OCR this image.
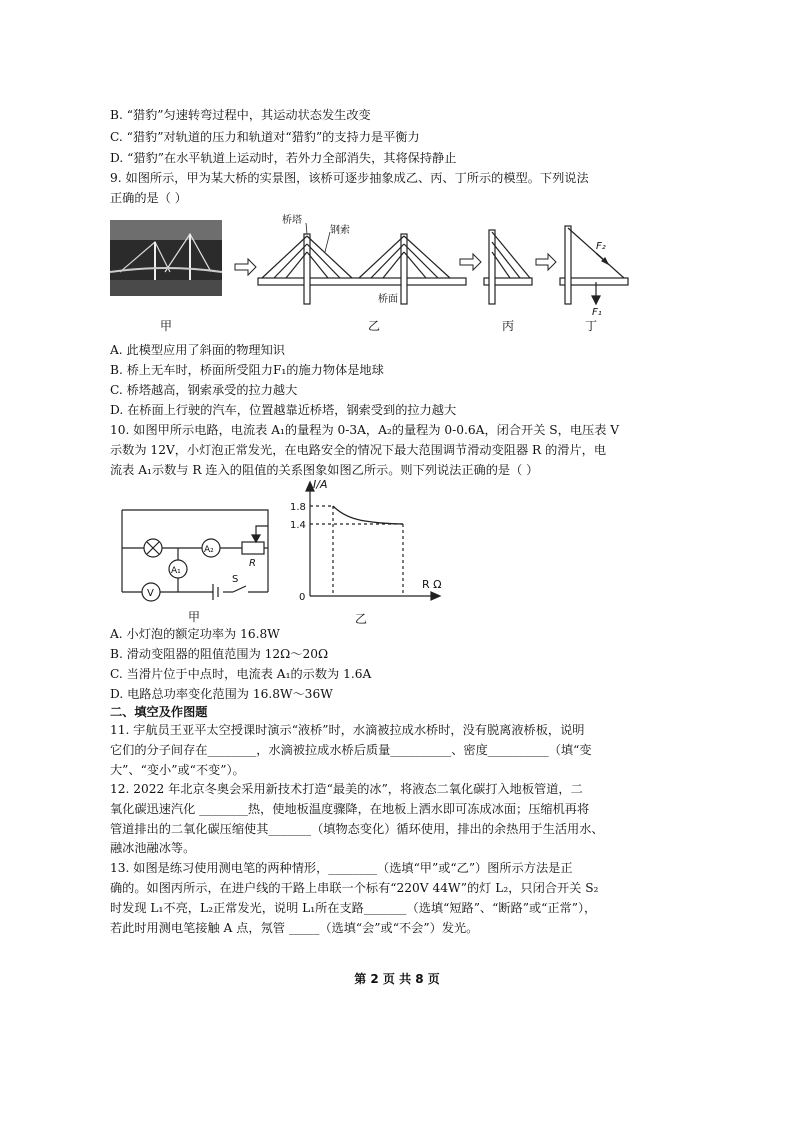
B. “猎豹”匀速转弯过程中，其运动状态发生改变
C. “猎豹”对轨道的压力和轨道对“猎豹”的支持力是平衡力
D. “猎豹”在水平轨道上运动时，若外力全部消失，其将保持静止
9. 如图所示，甲为某大桥的实景图，该桥可逐步抽象成乙、丙、丁所示的模型。下列说法
正确的是（ ）
桥塔
钢索
桥面
乙	丙
F₂
F₁
丁
甲
A. 此模型应用了斜面的物理知识
B. 桥上无车时，桥面所受阻力F₁的施力物体是地球
C. 桥塔越高，钢索承受的拉力越大
D. 在桥面上行驶的汽车，位置越靠近桥塔，钢索受到的拉力越大
10. 如图甲所示电路，电流表 A₁的量程为 0-3A，A₂的量程为 0-0.6A，闭合开关 S，电压表 V
示数为 12V，小灯泡正常发光，在电路安全的情况下最大范围调节滑动变阻器 R 的滑片，电
流表 A₁示数与 R 连入的阻值的关系图象如图乙所示。则下列说法正确的是（ ）
A₂
A₁
V
R
S
甲
I/A
R Ω
0
1.8
1.4
乙
A. 小灯泡的额定功率为 16.8W
B. 滑动变阻器的阻值范围为 12Ω～20Ω
C. 当滑片位于中点时，电流表 A₁的示数为 1.6A
D. 电路总功率变化范围为 16.8W～36W
二、填空及作图题
11. 宇航员王亚平太空授课时演示“液桥”时，水滴被拉成水桥时，没有脱离液桥板，说明
它们的分子间存在________，水滴被拉成水桥后质量__________、密度__________（填“变
大”、“变小”或“不变”）。
12. 2022 年北京冬奥会采用新技术打造“最美的冰”，将液态二氧化碳打入地板管道，二
氧化碳迅速汽化 ________热，使地板温度骤降，在地板上洒水即可冻成冰面；压缩机再将
管道排出的二氧化碳压缩使其_______（填物态变化）循环使用，排出的余热用于生活用水、
融冰池融冰等。
13. 如图是练习使用测电笔的两种情形，________（选填“甲”或“乙”）图所示方法是正
确的。如图丙所示，在进户线的干路上串联一个标有“220V 44W”的灯 L₂，只闭合开关 S₂
时发现 L₁不亮，L₂正常发光，说明 L₁所在支路_______（选填“短路”、“断路”或“正常”），
若此时用测电笔接触 A 点，氖管 _____（选填“会”或“不会”）发光。
第 2 页 共 8 页
